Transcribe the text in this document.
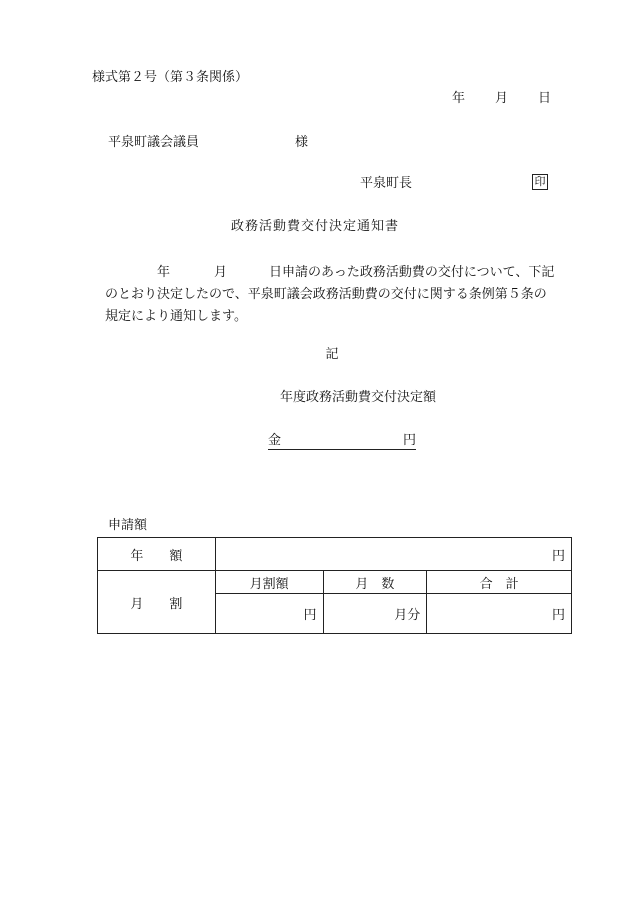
様式第２号（第３条関係）
年 月 日
平泉町議会議員	様
平泉町長	印
政務活動費交付決定通知書
年	月	日申請のあった政務活動費の交付について、下記
のとおり決定したので、平泉町議会政務活動費の交付に関する条例第５条の
規定により通知します。
記
年度政務活動費交付決定額
金	円
申請額
年　　額	円		
月　　割	月割額	月　数	合　計
	円	月分	円
